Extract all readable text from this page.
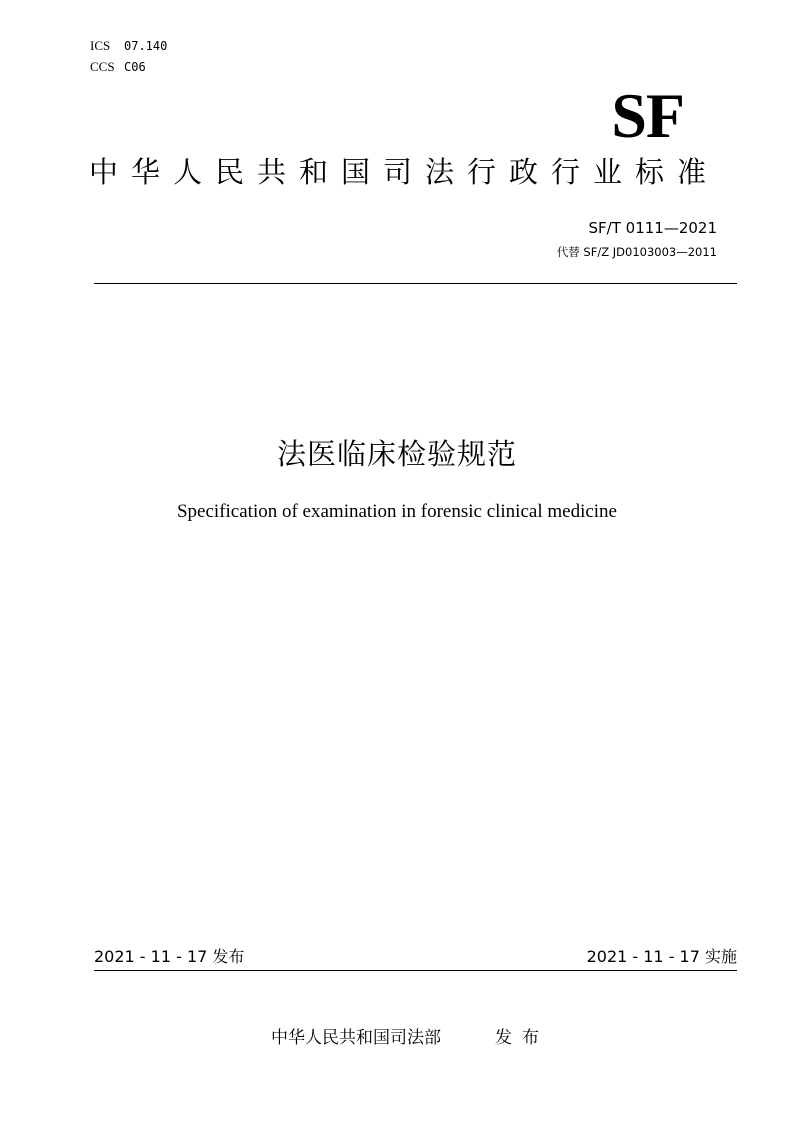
ICS 07.140
CCS C06
SF
中华人民共和国司法行政行业标准
SF/T 0111—2021
代替 SF/Z JD0103003—2011
法医临床检验规范
Specification of examination in forensic clinical medicine
2021 - 11 - 17 发布	2021 - 11 - 17 实施
中华人民共和国司法部	发布
